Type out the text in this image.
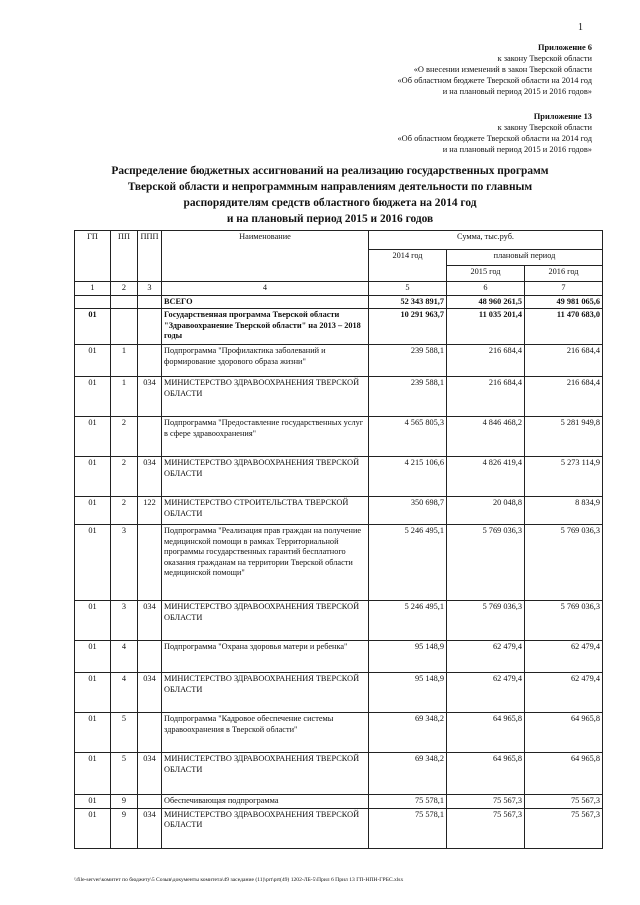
1
Приложение 6
к закону Тверской области
«О внесении изменений в закон Тверской области
«Об областном бюджете Тверской области на 2014 год
и на плановый период 2015 и 2016 годов»
Приложение 13
к закону Тверской области
«Об областном бюджете Тверской области на 2014 год
и на плановый период 2015 и 2016 годов»
Распределение бюджетных ассигнований на реализацию государственных программ
Тверской области и непрограммным направлениям деятельности по главным
распорядителям средств областного бюджета на 2014 год
и на плановый период 2015 и 2016 годов
ГП	ПП	ППП	Наименование	Сумма, тыс.руб.		
				2014 год	плановый период	
					2015 год	2016 год
1	2	3	4	5	6	7
			ВСЕГО	52 343 891,7	48 960 261,5	49 981 065,6
01			Государственная программа Тверской области "Здравоохранение Тверской области" на 2013 – 2018 годы	10 291 963,7	11 035 201,4	11 470 683,0
01	1		Подпрограмма "Профилактика заболеваний и формирование здорового образа жизни"	239 588,1	216 684,4	216 684,4
01	1	034	МИНИСТЕРСТВО ЗДРАВООХРАНЕНИЯ ТВЕРСКОЙ ОБЛАСТИ	239 588,1	216 684,4	216 684,4
01	2		Подпрограмма "Предоставление государственных услуг в сфере здравоохранения"	4 565 805,3	4 846 468,2	5 281 949,8
01	2	034	МИНИСТЕРСТВО ЗДРАВООХРАНЕНИЯ ТВЕРСКОЙ ОБЛАСТИ	4 215 106,6	4 826 419,4	5 273 114,9
01	2	122	МИНИСТЕРСТВО СТРОИТЕЛЬСТВА ТВЕРСКОЙ ОБЛАСТИ	350 698,7	20 048,8	8 834,9
01	3		Подпрограмма "Реализация прав граждан на получение медицинской помощи в рамках Территориальной программы государственных гарантий бесплатного оказания гражданам на территории Тверской области медицинской помощи"	5 246 495,1	5 769 036,3	5 769 036,3
01	3	034	МИНИСТЕРСТВО ЗДРАВООХРАНЕНИЯ ТВЕРСКОЙ ОБЛАСТИ	5 246 495,1	5 769 036,3	5 769 036,3
01	4		Подпрограмма "Охрана здоровья матери и ребенка"	95 148,9	62 479,4	62 479,4
01	4	034	МИНИСТЕРСТВО ЗДРАВООХРАНЕНИЯ ТВЕРСКОЙ ОБЛАСТИ	95 148,9	62 479,4	62 479,4
01	5		Подпрограмма "Кадровое обеспечение системы здравоохранения в Тверской области"	69 348,2	64 965,8	64 965,8
01	5	034	МИНИСТЕРСТВО ЗДРАВООХРАНЕНИЯ ТВЕРСКОЙ ОБЛАСТИ	69 348,2	64 965,8	64 965,8
01	9		Обеспечивающая подпрограмма	75 578,1	75 567,3	75 567,3
01	9	034	МИНИСТЕРСТВО ЗДРАВООХРАНЕНИЯ ТВЕРСКОЙ ОБЛАСТИ	75 578,1	75 567,3	75 567,3
\\file-server\комитет по бюджету\5 Созыв\документы комитета\49 заседание (11)\prt\prt(49) 1202-ЛБ-5\Прил 6 Прил 13 ГП-НПН-ГРБС.xlsx
